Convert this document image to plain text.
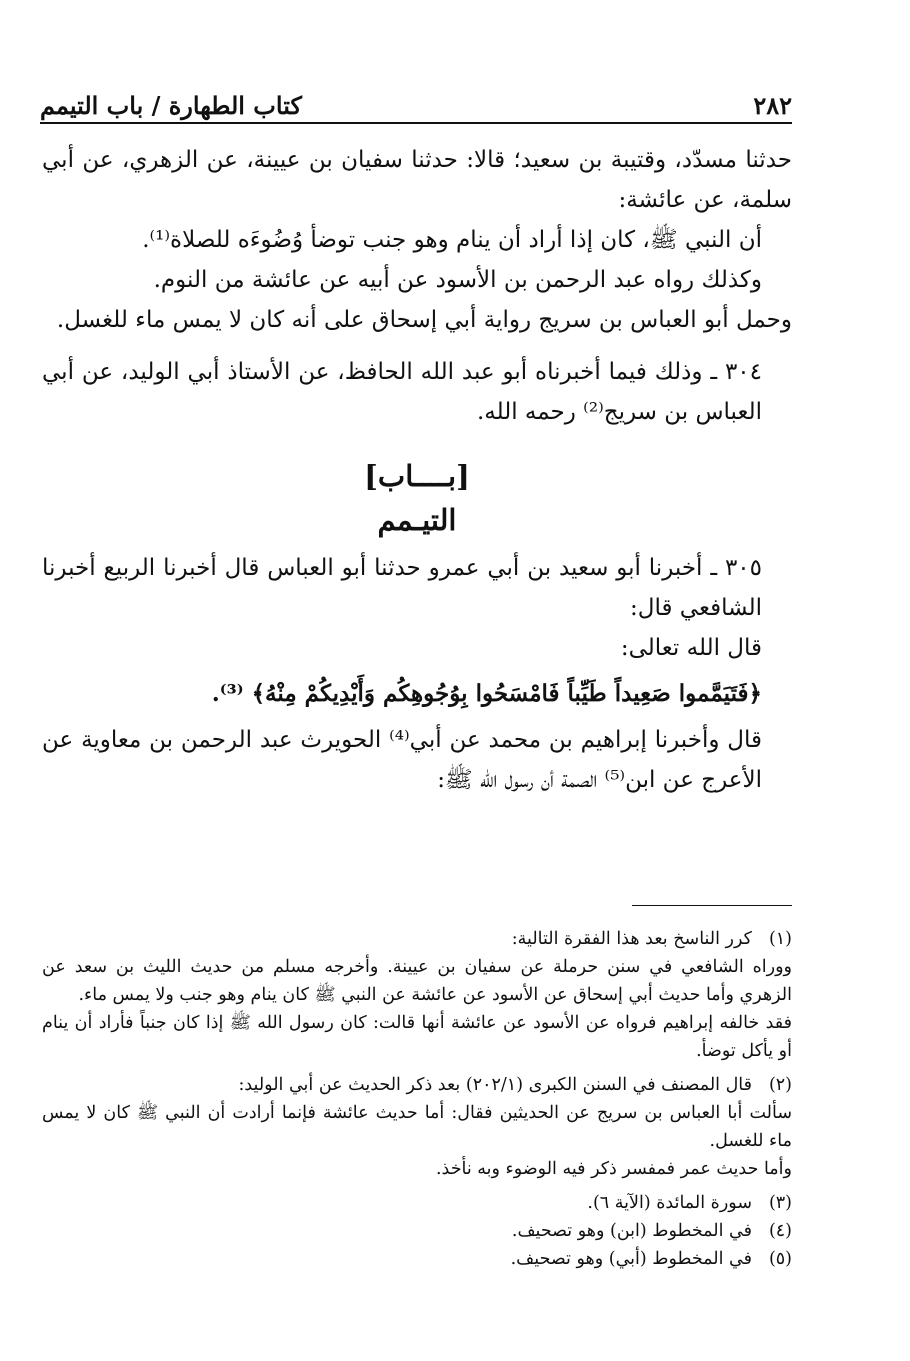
٢٨٢
كتاب الطهارة / باب التيمم

حدثنا مسدّد، وقتيبة بن سعيد؛ قالا: حدثنا سفيان بن عيينة، عن الزهري، عن أبي سلمة، عن عائشة:

أن النبي ﷺ، كان إذا أراد أن ينام وهو جنب توضأ وُضُوءَه للصلاة⁽¹⁾.

وكذلك رواه عبد الرحمن بن الأسود عن أبيه عن عائشة من النوم.

وحمل أبو العباس بن سريج رواية أبي إسحاق على أنه كان لا يمس ماء للغسل.

٣٠٤ ـ وذلك فيما أخبرناه أبو عبد الله الحافظ، عن الأستاذ أبي الوليد، عن أبي العباس بن سريج⁽²⁾ رحمه الله.

[بــــاب]
التيـمم

٣٠٥ ـ أخبرنا أبو سعيد بن أبي عمرو حدثنا أبو العباس قال أخبرنا الربيع أخبرنا الشافعي قال:

قال الله تعالى:

﴿فَتَيَمَّموا صَعِيداً طَيِّباً فَامْسَحُوا بِوُجُوهِكُم وَأَيْدِيكُمْ مِنْهُ﴾ ⁽³⁾.

قال وأخبرنا إبراهيم بن محمد عن أبي⁽⁴⁾ الحويرث عبد الرحمن بن معاوية عن الأعرج عن ابن⁽⁵⁾ الصمة أن رسول الله ﷺ:

(١)

كرر الناسخ بعد هذا الفقرة التالية:

ووراه الشافعي في سنن حرملة عن سفيان بن عيينة. وأخرجه مسلم من حديث الليث بن سعد عن الزهري وأما حديث أبي إسحاق عن الأسود عن عائشة عن النبي ﷺ كان ينام وهو جنب ولا يمس ماء.

فقد خالفه إبراهيم فرواه عن الأسود عن عائشة أنها قالت: كان رسول الله ﷺ إذا كان جنباً فأراد أن ينام أو يأكل توضأ.

(٢)

قال المصنف في السنن الكبرى (٢٠٢/١) بعد ذكر الحديث عن أبي الوليد:

سألت أبا العباس بن سريج عن الحديثين فقال: أما حديث عائشة فإنما أرادت أن النبي ﷺ كان لا يمس ماء للغسل.

وأما حديث عمر فمفسر ذكر فيه الوضوء وبه نأخذ.

(٣)

سورة المائدة (الآية ٦).

(٤)

في المخطوط (ابن) وهو تصحيف.

(٥)

في المخطوط (أبي) وهو تصحيف.
